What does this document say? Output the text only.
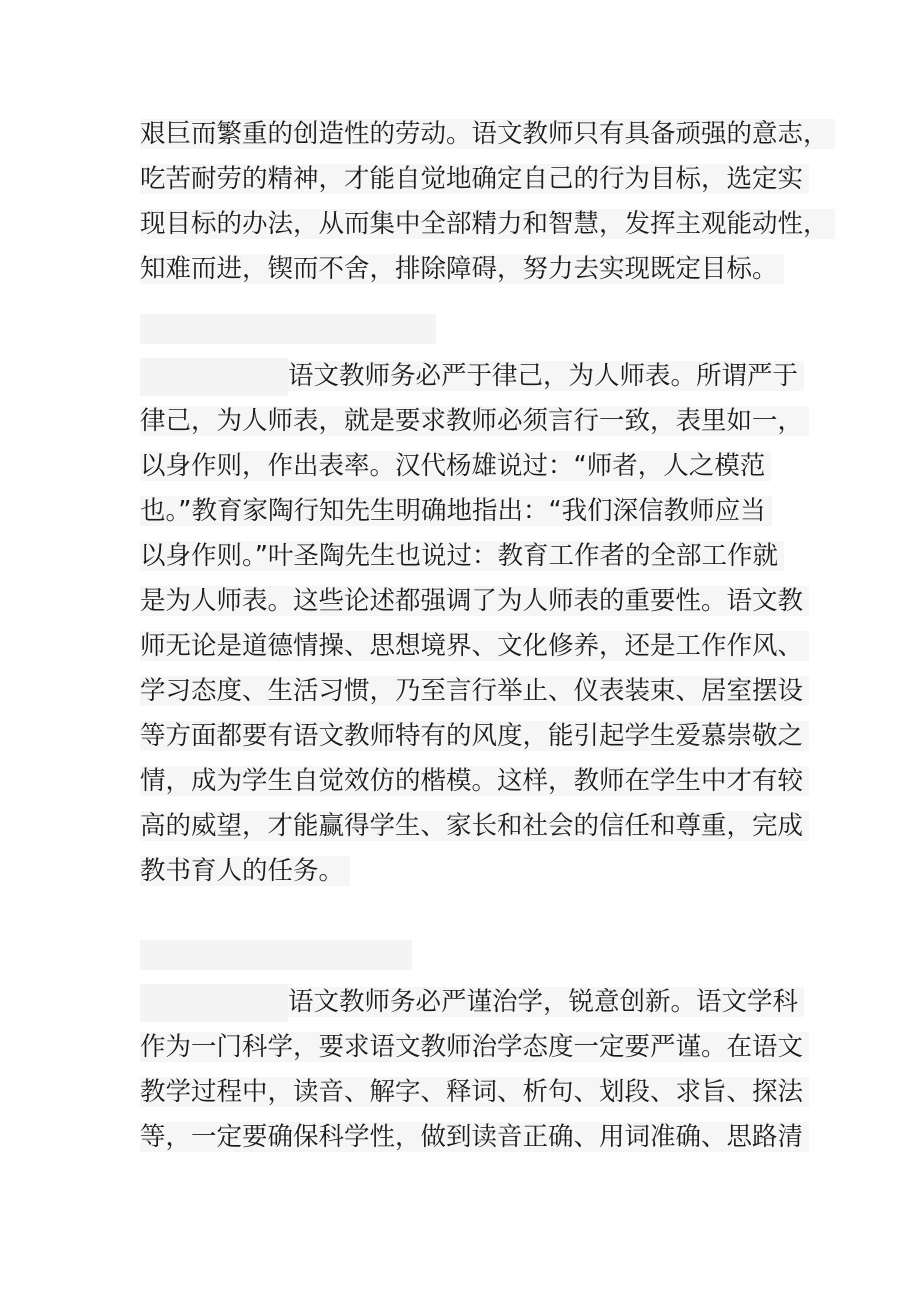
艰巨而繁重的创造性的劳动。语文教师只有具备顽强的意志，
吃苦耐劳的精神，才能自觉地确定自己的行为目标，选定实
现目标的办法，从而集中全部精力和智慧，发挥主观能动性，
知难而进，锲而不舍，排除障碍，努力去实现既定目标。
语文教师务必严于律己，为人师表。所谓严于
律己，为人师表，就是要求教师必须言行一致，表里如一，
以身作则，作出表率。汉代杨雄说过：“师者，人之模范
也。”教育家陶行知先生明确地指出：“我们深信教师应当
以身作则。”叶圣陶先生也说过：教育工作者的全部工作就
是为人师表。这些论述都强调了为人师表的重要性。语文教
师无论是道德情操、思想境界、文化修养，还是工作作风、
学习态度、生活习惯，乃至言行举止、仪表装束、居室摆设
等方面都要有语文教师特有的风度，能引起学生爱慕崇敬之
情，成为学生自觉效仿的楷模。这样，教师在学生中才有较
高的威望，才能赢得学生、家长和社会的信任和尊重，完成
教书育人的任务。
语文教师务必严谨治学，锐意创新。语文学科
作为一门科学，要求语文教师治学态度一定要严谨。在语文
教学过程中，读音、解字、释词、析句、划段、求旨、探法
等，一定要确保科学性，做到读音正确、用词准确、思路清
